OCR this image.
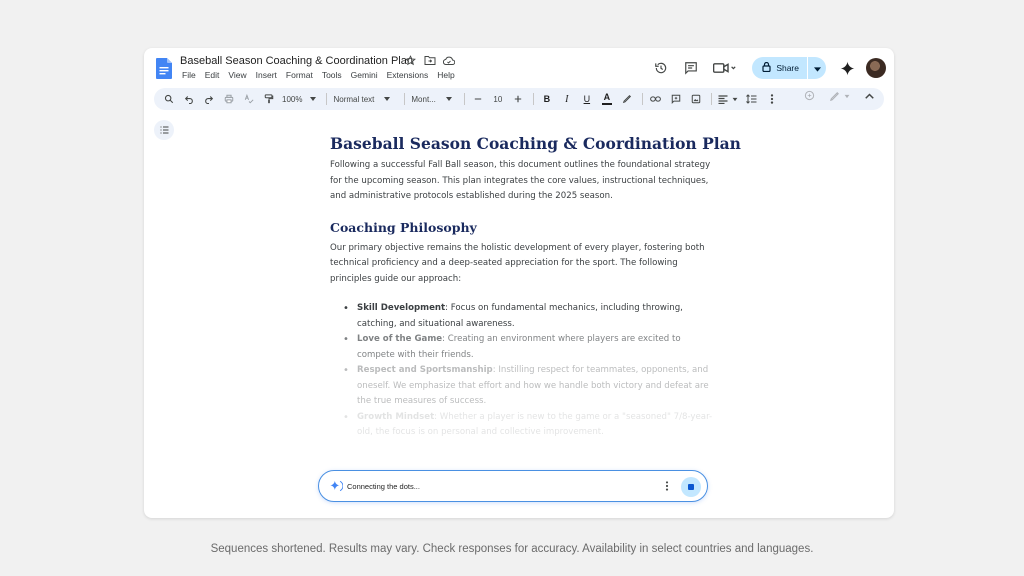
Baseball Season Coaching & Coordination Plan
File Edit View Insert Format Tools Gemini Extensions Help
Share
100%	Normal text	Mont...	10	B	I	U	A
Baseball Season Coaching & Coordination Plan

Following a successful Fall Ball season, this document outlines the foundational strategy for the upcoming season. This plan integrates the core values, instructional techniques, and administrative protocols established during the 2025 season.

Coaching Philosophy

Our primary objective remains the holistic development of every player, fostering both technical proficiency and a deep-seated appreciation for the sport. The following principles guide our approach:

• Skill Development: Focus on fundamental mechanics, including throwing, catching, and situational awareness.
• Love of the Game: Creating an environment where players are excited to compete with their friends.
• Respect and Sportsmanship: Instilling respect for teammates, opponents, and oneself. We emphasize that effort and how we handle both victory and defeat are the true measures of success.
• Growth Mindset: Whether a player is new to the game or a "seasoned" 7/8-year-old, the focus is on personal and collective improvement.
Connecting the dots...
Sequences shortened. Results may vary. Check responses for accuracy. Availability in select countries and languages.
